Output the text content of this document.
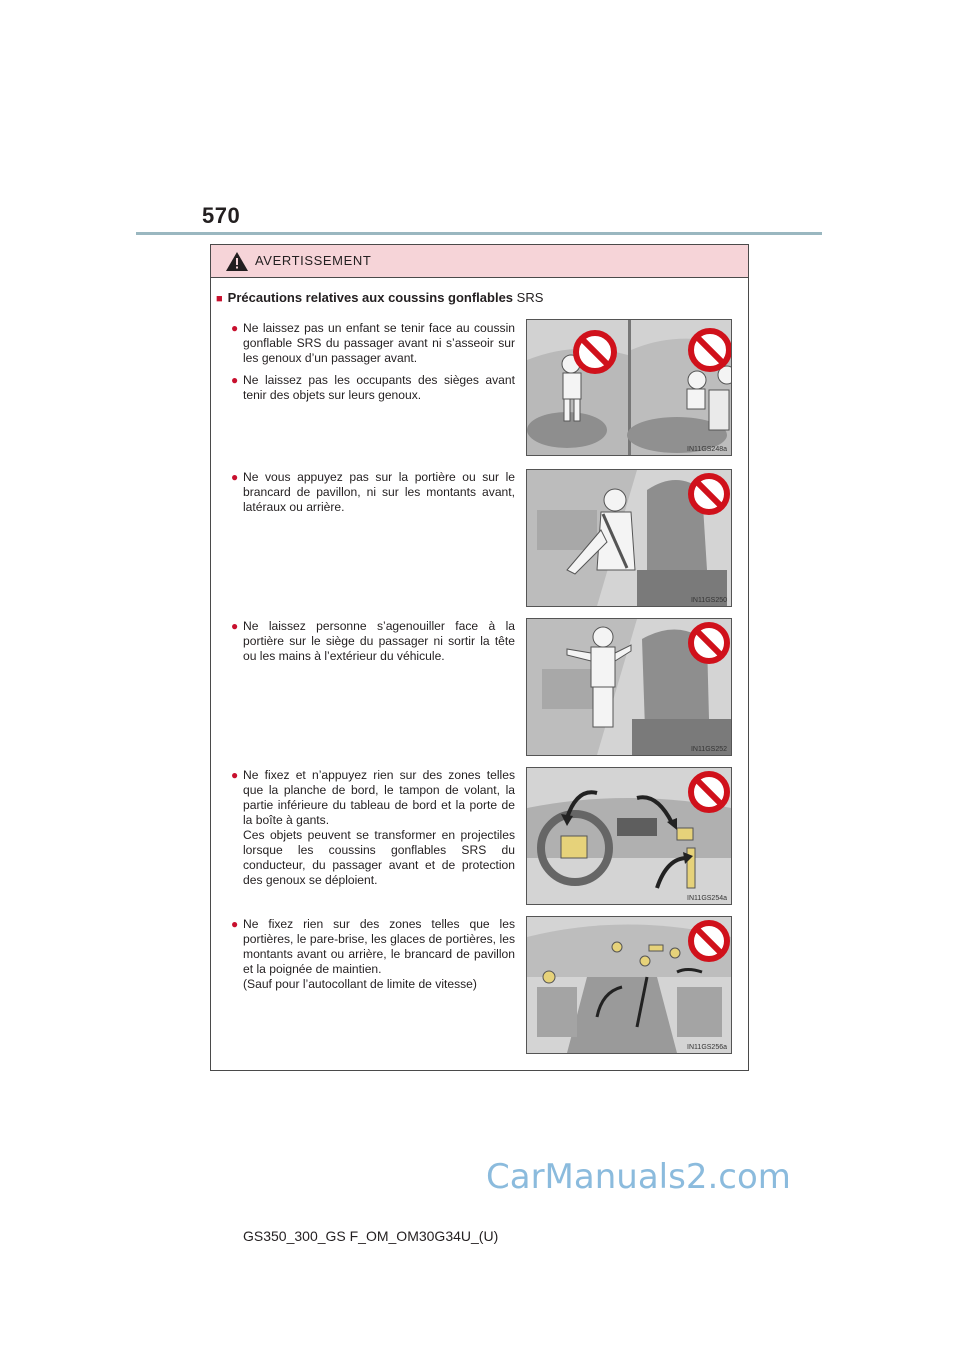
570
AVERTISSEMENT
■ Précautions relatives aux coussins gonflables SRS
● Ne laissez pas un enfant se tenir face au coussin gonflable SRS du passager avant ni s’asseoir sur les genoux d’un passager avant.
● Ne laissez pas les occupants des sièges avant tenir des objets sur leurs genoux.
● Ne vous appuyez pas sur la portière ou sur le brancard de pavillon, ni sur les montants avant, latéraux ou arrière.
● Ne laissez personne s’agenouiller face à la portière sur le siège du passager ni sortir la tête ou les mains à l’extérieur du véhicule.
● Ne fixez et n’appuyez rien sur des zones telles que la planche de bord, le tampon de volant, la partie inférieure du tableau de bord et la porte de la boîte à gants.
Ces objets peuvent se transformer en projectiles lorsque les coussins gonflables SRS du conducteur, du passager avant et de protection des genoux se déploient.
● Ne fixez rien sur des zones telles que les portières, le pare-brise, les glaces de portières, les montants avant ou arrière, le brancard de pavillon et la poignée de maintien.
(Sauf pour l’autocollant de limite de vitesse)
IN11GS248a
IN11GS250
IN11GS252
IN11GS254a
IN11GS256a
CarManuals2.com
GS350_300_GS F_OM_OM30G34U_(U)
